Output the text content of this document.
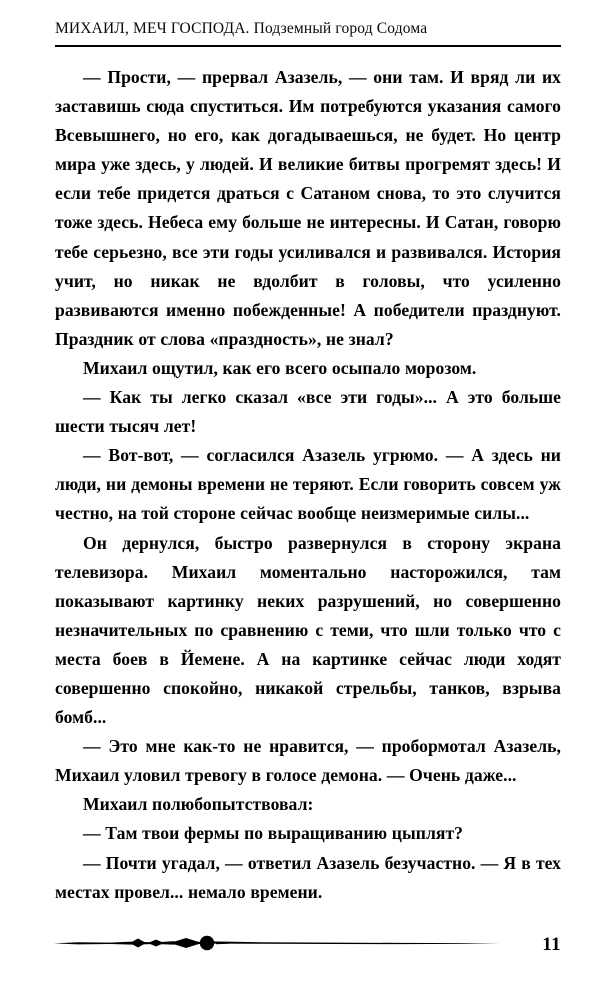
МИХАИЛ, МЕЧ ГОСПОДА. Подземный город Содома

— Прости, — прервал Азазель, — они там. И вряд ли их заставишь сюда спуститься. Им потребуются указания самого Всевышнего, но его, как догадываешься, не будет. Но центр мира уже здесь, у людей. И великие битвы прогремят здесь! И если тебе придется драться с Сатаном снова, то это случится тоже здесь. Небеса ему больше не интересны. И Сатан, говорю тебе серьезно, все эти годы усиливался и развивался. История учит, но никак не вдолбит в головы, что усиленно развиваются именно побежденные! А победители празднуют. Праздник от слова «праздность», не знал?

Михаил ощутил, как его всего осыпало морозом.

— Как ты легко сказал «все эти годы»... А это больше шести тысяч лет!

— Вот-вот, — согласился Азазель угрюмо. — А здесь ни люди, ни демоны времени не теряют. Если говорить совсем уж честно, на той стороне сейчас вообще неизмеримые силы...

Он дернулся, быстро развернулся в сторону экрана телевизора. Михаил моментально насторожился, там показывают картинку неких разрушений, но совершенно незначительных по сравнению с теми, что шли только что с места боев в Йемене. А на картинке сейчас люди ходят совершенно спокойно, никакой стрельбы, танков, взрыва бомб...

— Это мне как-то не нравится, — пробормотал Азазель, Михаил уловил тревогу в голосе демона. — Очень даже...

Михаил полюбопытствовал:

— Там твои фермы по выращиванию цыплят?

— Почти угадал, — ответил Азазель безучастно. — Я в тех местах провел... немало времени.

11
